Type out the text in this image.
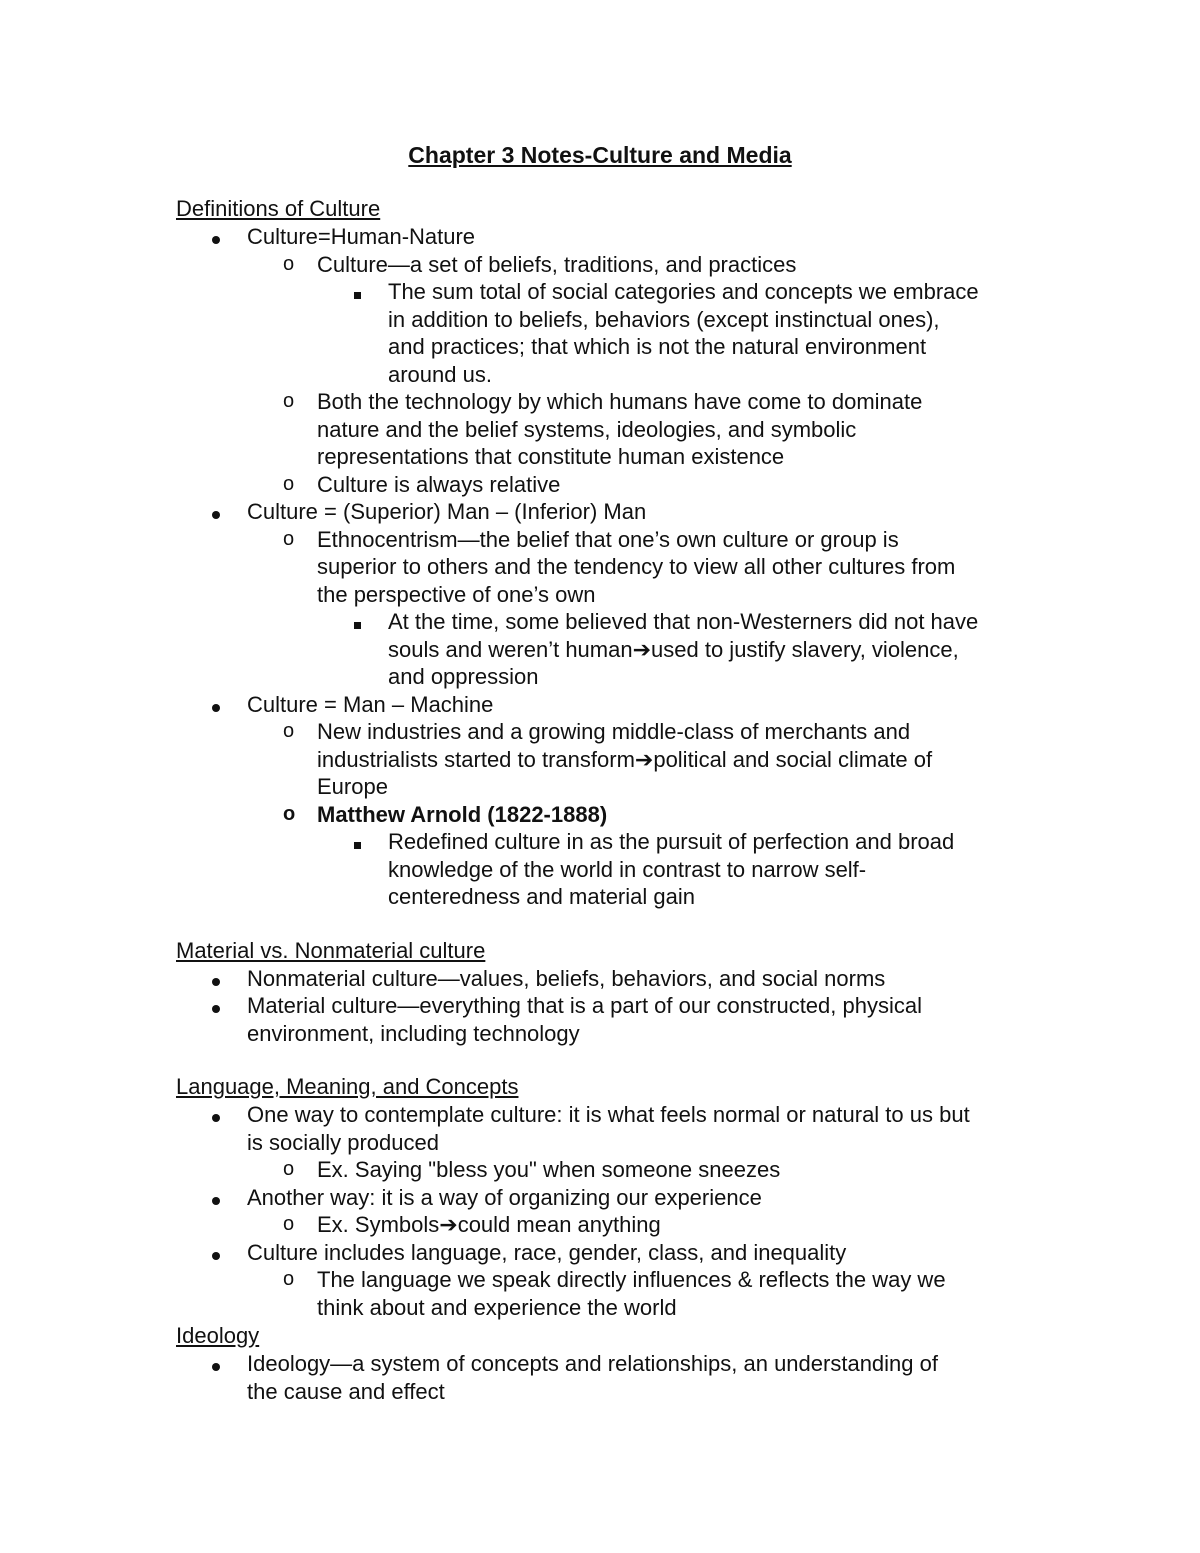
Chapter 3 Notes-Culture and Media
Definitions of Culture
Culture=Human-Nature
o Culture—a set of beliefs, traditions, and practices
The sum total of social categories and concepts we embrace
in addition to beliefs, behaviors (except instinctual ones),
and practices; that which is not the natural environment
around us.
o Both the technology by which humans have come to dominate
nature and the belief systems, ideologies, and symbolic
representations that constitute human existence
o Culture is always relative
Culture = (Superior) Man – (Inferior) Man
o Ethnocentrism—the belief that one’s own culture or group is
superior to others and the tendency to view all other cultures from
the perspective of one’s own
At the time, some believed that non-Westerners did not have
souls and weren’t human➔used to justify slavery, violence,
and oppression
Culture = Man – Machine
o New industries and a growing middle-class of merchants and
industrialists started to transform➔political and social climate of
Europe
o Matthew Arnold (1822-1888)
Redefined culture in as the pursuit of perfection and broad
knowledge of the world in contrast to narrow self-
centeredness and material gain
Material vs. Nonmaterial culture
Nonmaterial culture—values, beliefs, behaviors, and social norms
Material culture—everything that is a part of our constructed, physical
environment, including technology
Language, Meaning, and Concepts
One way to contemplate culture: it is what feels normal or natural to us but
is socially produced
o Ex. Saying "bless you" when someone sneezes
Another way: it is a way of organizing our experience
o Ex. Symbols➔could mean anything
Culture includes language, race, gender, class, and inequality
o The language we speak directly influences & reflects the way we
think about and experience the world
Ideology
Ideology—a system of concepts and relationships, an understanding of
the cause and effect
